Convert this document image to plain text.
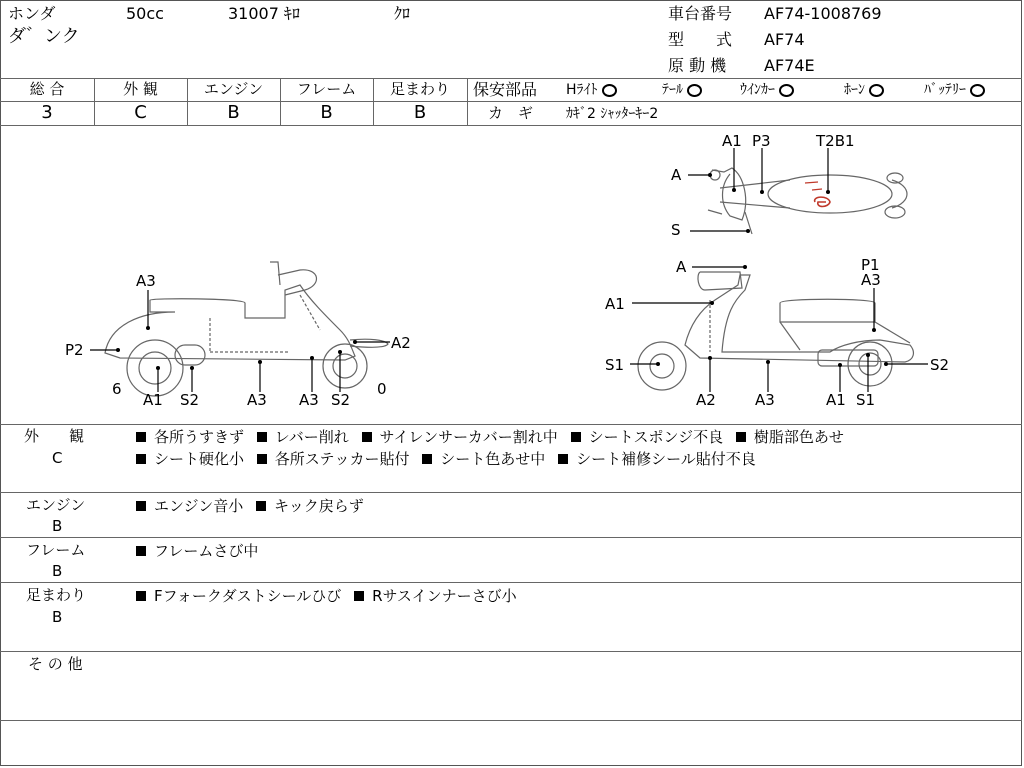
ホンダ	50cc	31007 ｷﾛ	ｸﾛ
ダ゛ンク
車台番号 AF74-1008769
型　　式 AF74
原 動 機 AF74E
総 合	外 観	エンジン	フレーム	足まわり
3	C	B	B	B
保安部品 Hﾗｲﾄ	ﾃｰﾙ	ｳｲﾝｶｰ	ﾎｰﾝ	ﾊﾞｯﾃﾘｰ
カ　ギ ｶｷﾞ2 ｼｬｯﾀｰｷｰ2
A3
P2	A2
6	0
A1 S2	A3 A3 S2
A
S
A1 P3	T2B1
A
A1
S1
A2	A3
P1
A3
S2
A1 S1
外　　観
C
各所うすきず レバー削れ サイレンサーカバー割れ中 シートスポンジ不良 樹脂部色あせ
シート硬化小 各所ステッカー貼付 シート色あせ中 シート補修シール貼付不良
エンジン
B
エンジン音小 キック戻らず
フレーム
B
フレームさび中
足まわり
B
Fフォークダストシールひび Rサスインナーさび小
そ の 他
